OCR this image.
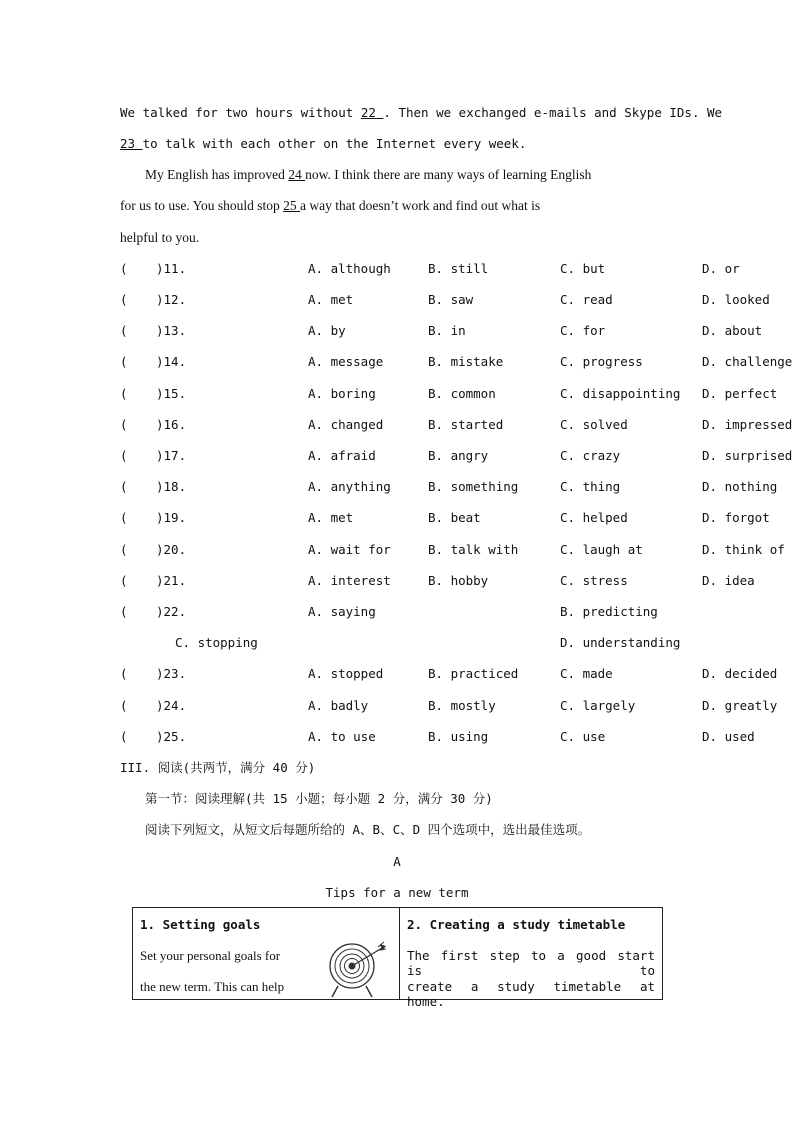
We talked for two hours without 22 . Then we exchanged e-mails and Skype IDs. We
23 to talk with each other on the Internet every week.
My English has improved 24 now. I think there are many ways of learning English
for us to use. You should stop 25 a way that doesn’t work and find out what is
helpful to you.
( )11.	A. although	B. still	C. but	D. or
( )12.	A. met	B. saw	C. read	D. looked
( )13.	A. by	B. in	C. for	D. about
( )14.	A. message	B. mistake	C. progress	D. challenge
( )15.	A. boring	B. common	C. disappointing D. perfect
( )16.	A. changed	B. started	C. solved	D. impressed
( )17.	A. afraid	B. angry	C. crazy	D. surprised
( )18.	A. anything	B. something	C. thing	D. nothing
( )19.	A. met	B. beat	C. helped	D. forgot
( )20.	A. wait for	B. talk with	C. laugh at	D. think of
( )21.	A. interest	B. hobby	C. stress	D. idea
( )22.	A. saying	B. predicting
C. stopping	D. understanding
( )23.	A. stopped	B. practiced	C. made	D. decided
( )24.	A. badly	B. mostly	C. largely	D. greatly
( )25.	A. to use	B. using	C. use	D. used
III. 阅读(共两节，满分 40 分)
第一节：阅读理解(共 15 小题；每小题 2 分，满分 30 分)
阅读下列短文，从短文后每题所给的 A、B、C、D 四个选项中，选出最佳选项。
A
Tips for a new term
1. Setting goals
Set your personal goals for
the new term. This can help

2. Creating a study timetable
The first step to a good start is to
create a study timetable at home.
